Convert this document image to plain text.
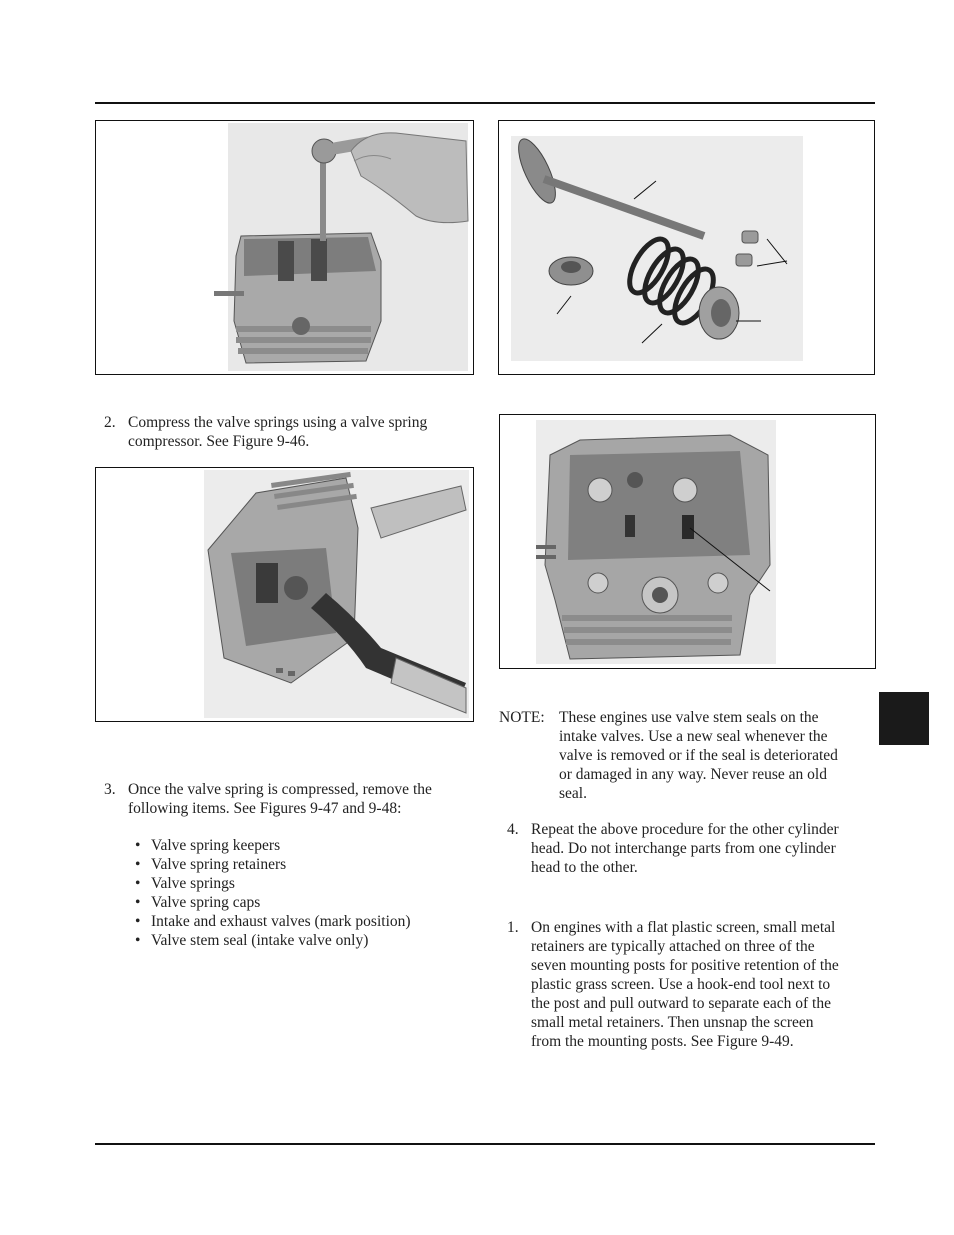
2. Compress the valve springs using a valve spring
compressor. See Figure 9-46.
NOTE: These engines use valve stem seals on the
intake valves. Use a new seal whenever the
valve is removed or if the seal is deteriorated
or damaged in any way. Never reuse an old
seal.
3. Once the valve spring is compressed, remove the
following items. See Figures 9-47 and 9-48:
• Valve spring keepers
• Valve spring retainers
• Valve springs
• Valve spring caps
• Intake and exhaust valves (mark position)
• Valve stem seal (intake valve only)
4. Repeat the above procedure for the other cylinder
head. Do not interchange parts from one cylinder
head to the other.
1. On engines with a flat plastic screen, small metal
retainers are typically attached on three of the
seven mounting posts for positive retention of the
plastic grass screen. Use a hook-end tool next to
the post and pull outward to separate each of the
small metal retainers. Then unsnap the screen
from the mounting posts. See Figure 9-49.
